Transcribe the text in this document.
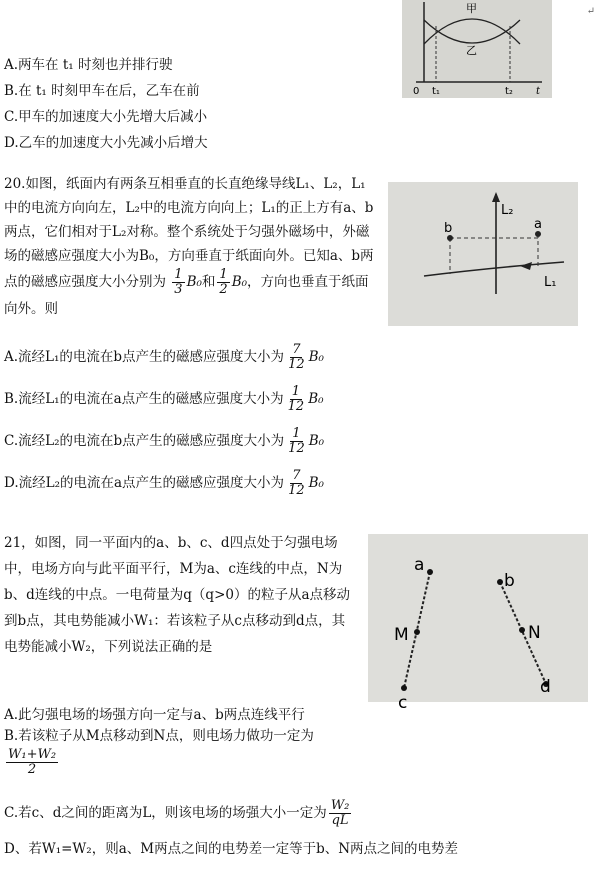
↵
甲
乙
0 t₁	t₂ t
A.两车在 t₁ 时刻也并排行驶
B.在 t₁ 时刻甲车在后，乙车在前
C.甲车的加速度大小先增大后减小
D.乙车的加速度大小先减小后增大
20.如图，纸面内有两条互相垂直的长直绝缘导线L₁、L₂，L₁中的电流方向向左，L₂中的电流方向向上；L₁的正上方有a、b两点，它们相对于L₂对称。整个系统处于匀强外磁场中，外磁场的磁感应强度大小为B₀，方向垂直于纸面向外。已知a、b两点的磁感应强度大小分别为 $\frac{1}{3} B_0$和 $\frac{1}{2} B_0$，方向也垂直于纸面向外。则
b	a
L₂
L₁
A.流经L₁的电流在b点产生的磁感应强度大小为 $\frac{7}{12} B_0$
B.流经L₁的电流在a点产生的磁感应强度大小为 $\frac{1}{12} B_0$
C.流经L₂的电流在b点产生的磁感应强度大小为 $\frac{1}{12} B_0$
D.流经L₂的电流在a点产生的磁感应强度大小为 $\frac{7}{12} B_0$
21，如图，同一平面内的a、b、c、d四点处于匀强电场中，电场方向与此平面平行，M为a、c连线的中点，N为b、d连线的中点。一电荷量为q（q>0）的粒子从a点移动到b点，其电势能减小W₁：若该粒子从c点移动到d点，其电势能减小W₂，下列说法正确的是
a
b
c
d
M	N
A.此匀强电场的场强方向一定与a、b两点连线平行
B.若该粒子从M点移动到N点，则电场力做功一定为
$\frac{\text{W₁+W₂}}{2}$
C.若c、d之间的距离为L，则该电场的场强大小一定为 $\frac{\text{W₂}}{qL}$
D、若W₁=W₂，则a、M两点之间的电势差一定等于b、N两点之间的电势差
